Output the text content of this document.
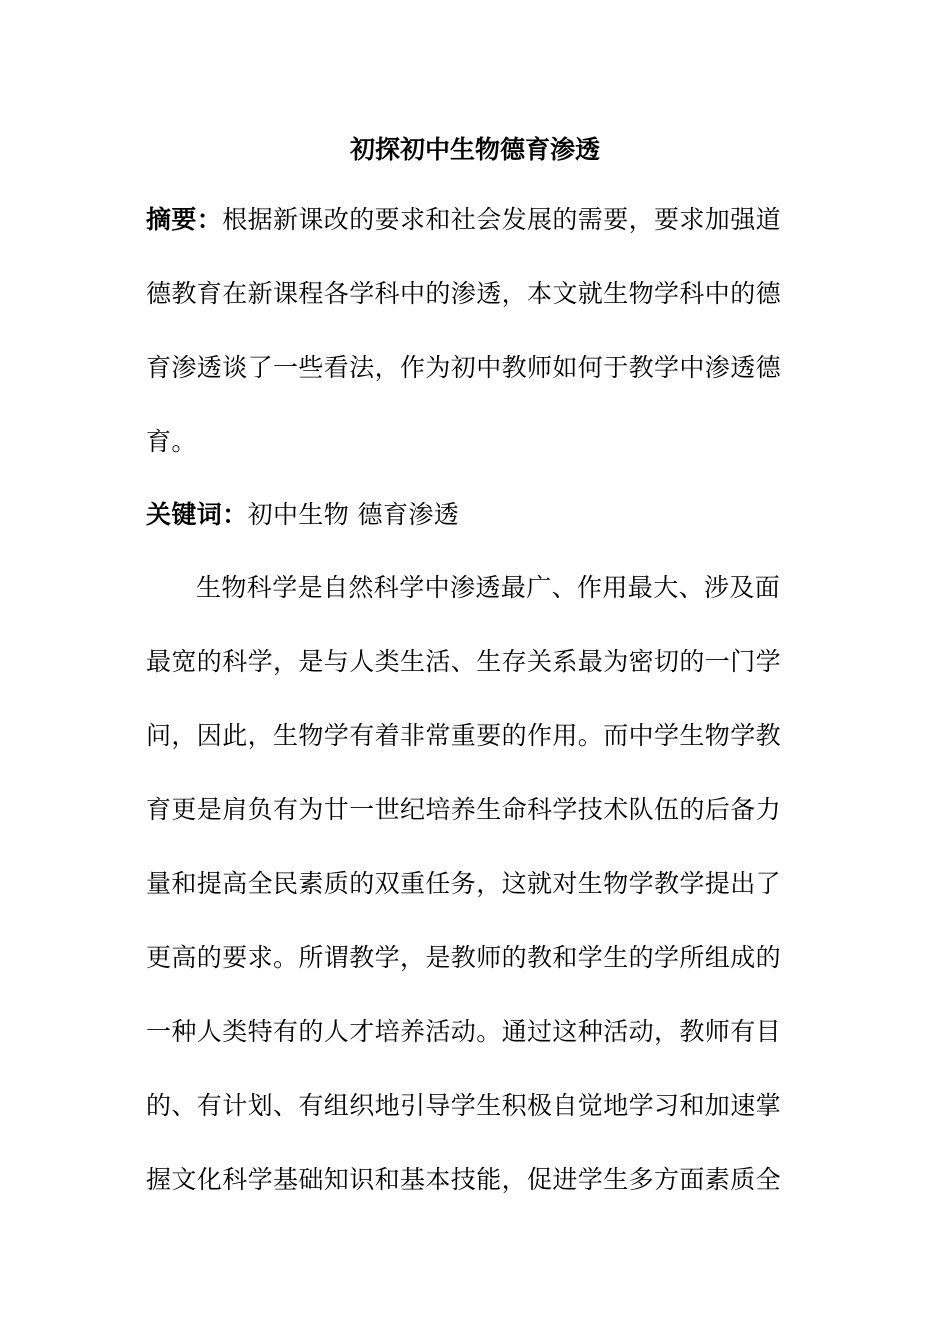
初探初中生物德育渗透

摘要：根据新课改的要求和社会发展的需要，要求加强道

德教育在新课程各学科中的渗透，本文就生物学科中的德

育渗透谈了一些看法，作为初中教师如何于教学中渗透德

育。

关键词：初中生物 德育渗透

生物科学是自然科学中渗透最广、作用最大、涉及面

最宽的科学，是与人类生活、生存关系最为密切的一门学

问，因此，生物学有着非常重要的作用。而中学生物学教

育更是肩负有为廿一世纪培养生命科学技术队伍的后备力

量和提高全民素质的双重任务，这就对生物学教学提出了

更高的要求。所谓教学，是教师的教和学生的学所组成的

一种人类特有的人才培养活动。通过这种活动，教师有目

的、有计划、有组织地引导学生积极自觉地学习和加速掌

握文化科学基础知识和基本技能，促进学生多方面素质全
